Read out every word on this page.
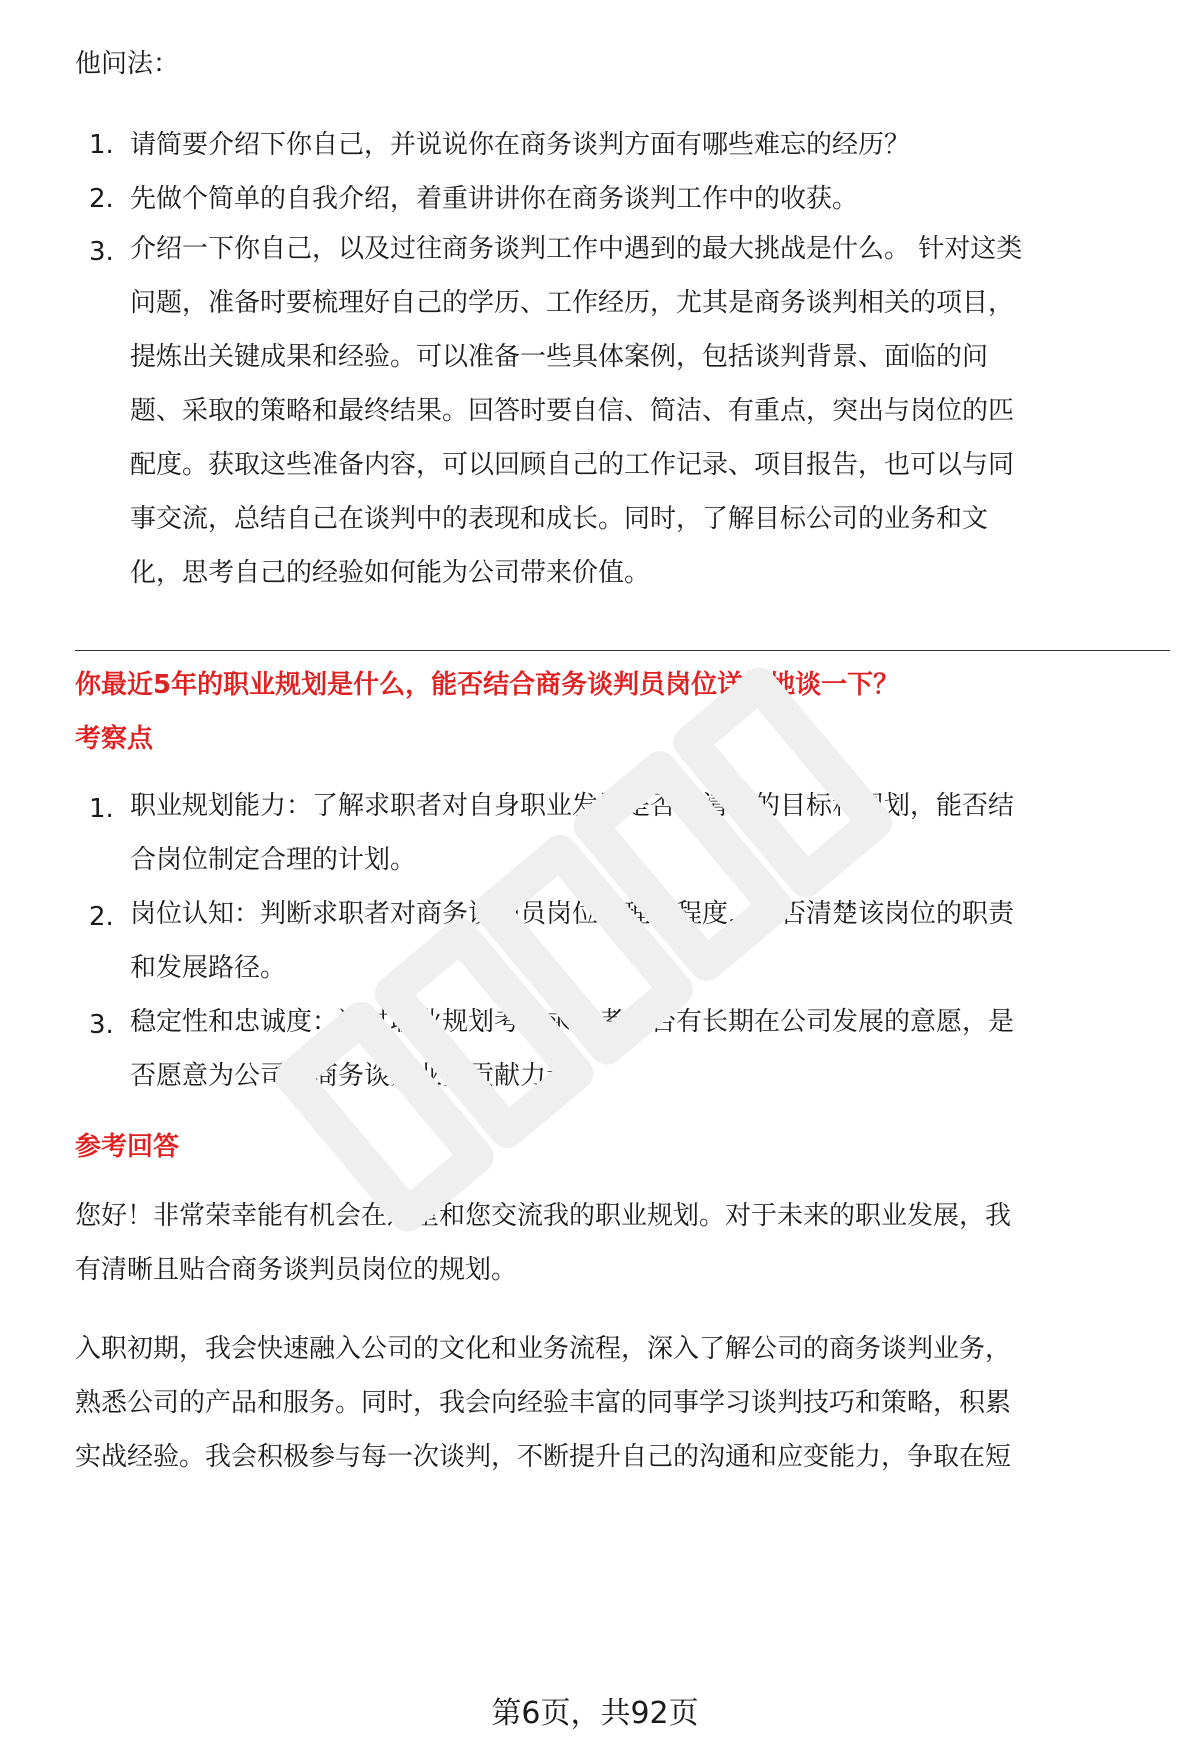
他问法：
1. 请简要介绍下你自己，并说说你在商务谈判方面有哪些难忘的经历？
2. 先做个简单的自我介绍，着重讲讲你在商务谈判工作中的收获。
3. 介绍一下你自己，以及过往商务谈判工作中遇到的最大挑战是什么。 针对这类
问题，准备时要梳理好自己的学历、工作经历，尤其是商务谈判相关的项目，
提炼出关键成果和经验。可以准备一些具体案例，包括谈判背景、面临的问
题、采取的策略和最终结果。回答时要自信、简洁、有重点，突出与岗位的匹
配度。获取这些准备内容，可以回顾自己的工作记录、项目报告，也可以与同
事交流，总结自己在谈判中的表现和成长。同时，了解目标公司的业务和文
化，思考自己的经验如何能为公司带来价值。
你最近5年的职业规划是什么，能否结合商务谈判员岗位详细地谈一下？
考察点
1. 职业规划能力：了解求职者对自身职业发展是否有清晰的目标和规划，能否结
合岗位制定合理的计划。
2. 岗位认知：判断求职者对商务谈判员岗位的理解程度，是否清楚该岗位的职责
和发展路径。
3. 稳定性和忠诚度：通过职业规划考察求职者是否有长期在公司发展的意愿，是
否愿意为公司的商务谈判业务贡献力量。
参考回答
您好！非常荣幸能有机会在这里和您交流我的职业规划。对于未来的职业发展，我
有清晰且贴合商务谈判员岗位的规划。
入职初期，我会快速融入公司的文化和业务流程，深入了解公司的商务谈判业务，
熟悉公司的产品和服务。同时，我会向经验丰富的同事学习谈判技巧和策略，积累
实战经验。我会积极参与每一次谈判，不断提升自己的沟通和应变能力，争取在短
第6页，共92页
